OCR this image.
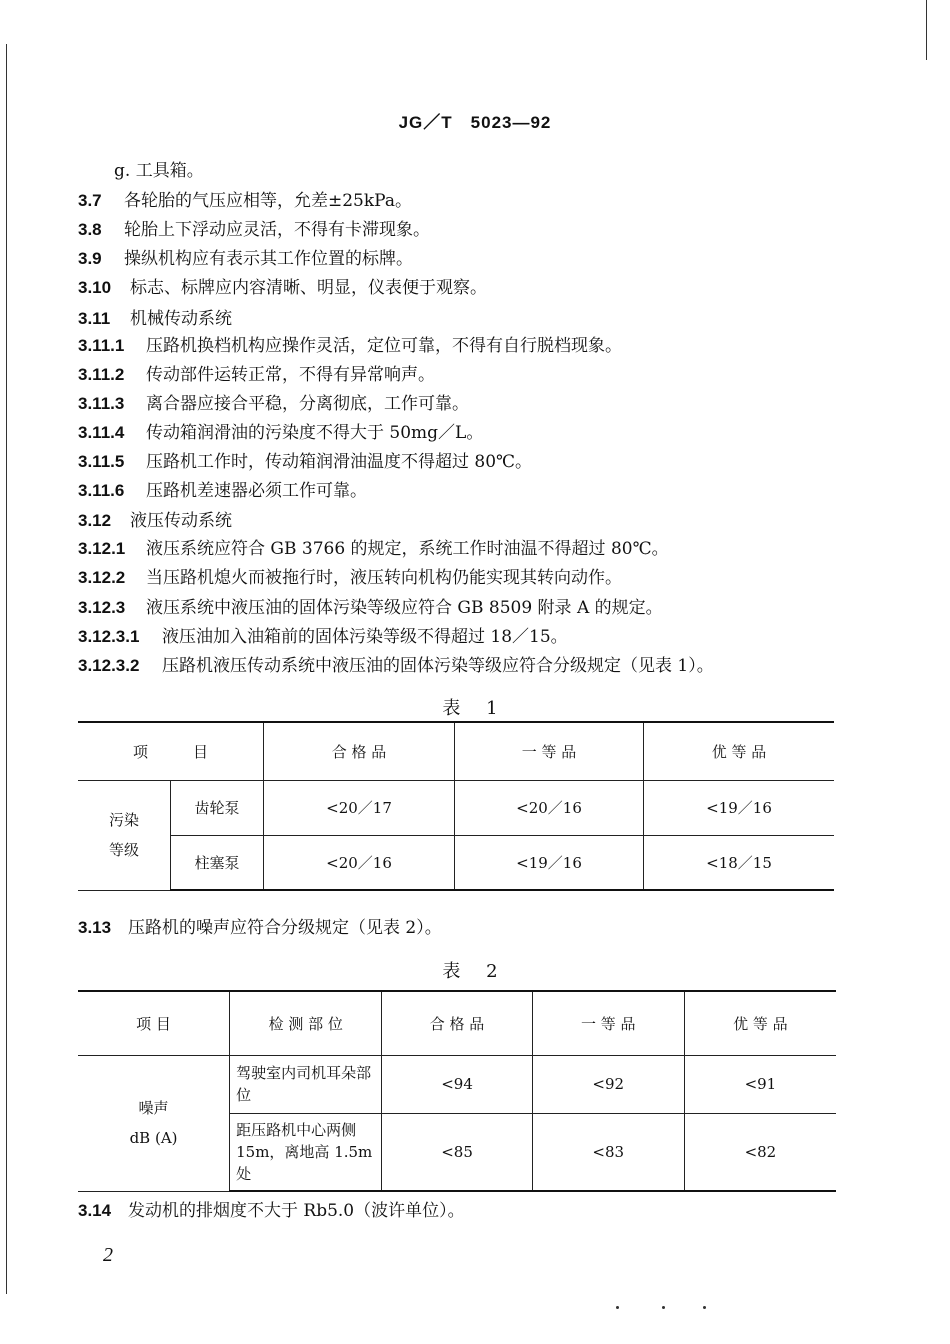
JG／T　5023—92
g. 工具箱。
3.7 各轮胎的气压应相等，允差±25kPa。
3.8 轮胎上下浮动应灵活，不得有卡滞现象。
3.9 操纵机构应有表示其工作位置的标牌。
3.10 标志、标牌应内容清晰、明显，仪表便于观察。
3.11 机械传动系统
3.11.1 压路机换档机构应操作灵活，定位可靠，不得有自行脱档现象。
3.11.2 传动部件运转正常，不得有异常响声。
3.11.3 离合器应接合平稳，分离彻底，工作可靠。
3.11.4 传动箱润滑油的污染度不得大于 50mg／L。
3.11.5 压路机工作时，传动箱润滑油温度不得超过 80℃。
3.11.6 压路机差速器必须工作可靠。
3.12 液压传动系统
3.12.1 液压系统应符合 GB 3766 的规定，系统工作时油温不得超过 80℃。
3.12.2 当压路机熄火而被拖行时，液压转向机构仍能实现其转向动作。
3.12.3 液压系统中液压油的固体污染等级应符合 GB 8509 附录 A 的规定。
3.12.3.1 液压油加入油箱前的固体污染等级不得超过 18／15。
3.12.3.2 压路机液压传动系统中液压油的固体污染等级应符合分级规定（见表 1）。
表 1
项　　　目		合 格 品	一 等 品	优 等 品
污染
等级	齿轮泵	<20／17	<20／16	<19／16
	柱塞泵	<20／16	<19／16	<18／15
3.13 压路机的噪声应符合分级规定（见表 2）。
表 2
项 目	检 测 部 位	合 格 品	一 等 品	优 等 品
噪声
dB (A)	驾驶室内司机耳朵部位	<94	<92	<91
	距压路机中心两侧15m，离地高 1.5m处	<85	<83	<82
3.14 发动机的排烟度不大于 Rb5.0（波许单位）。
2
